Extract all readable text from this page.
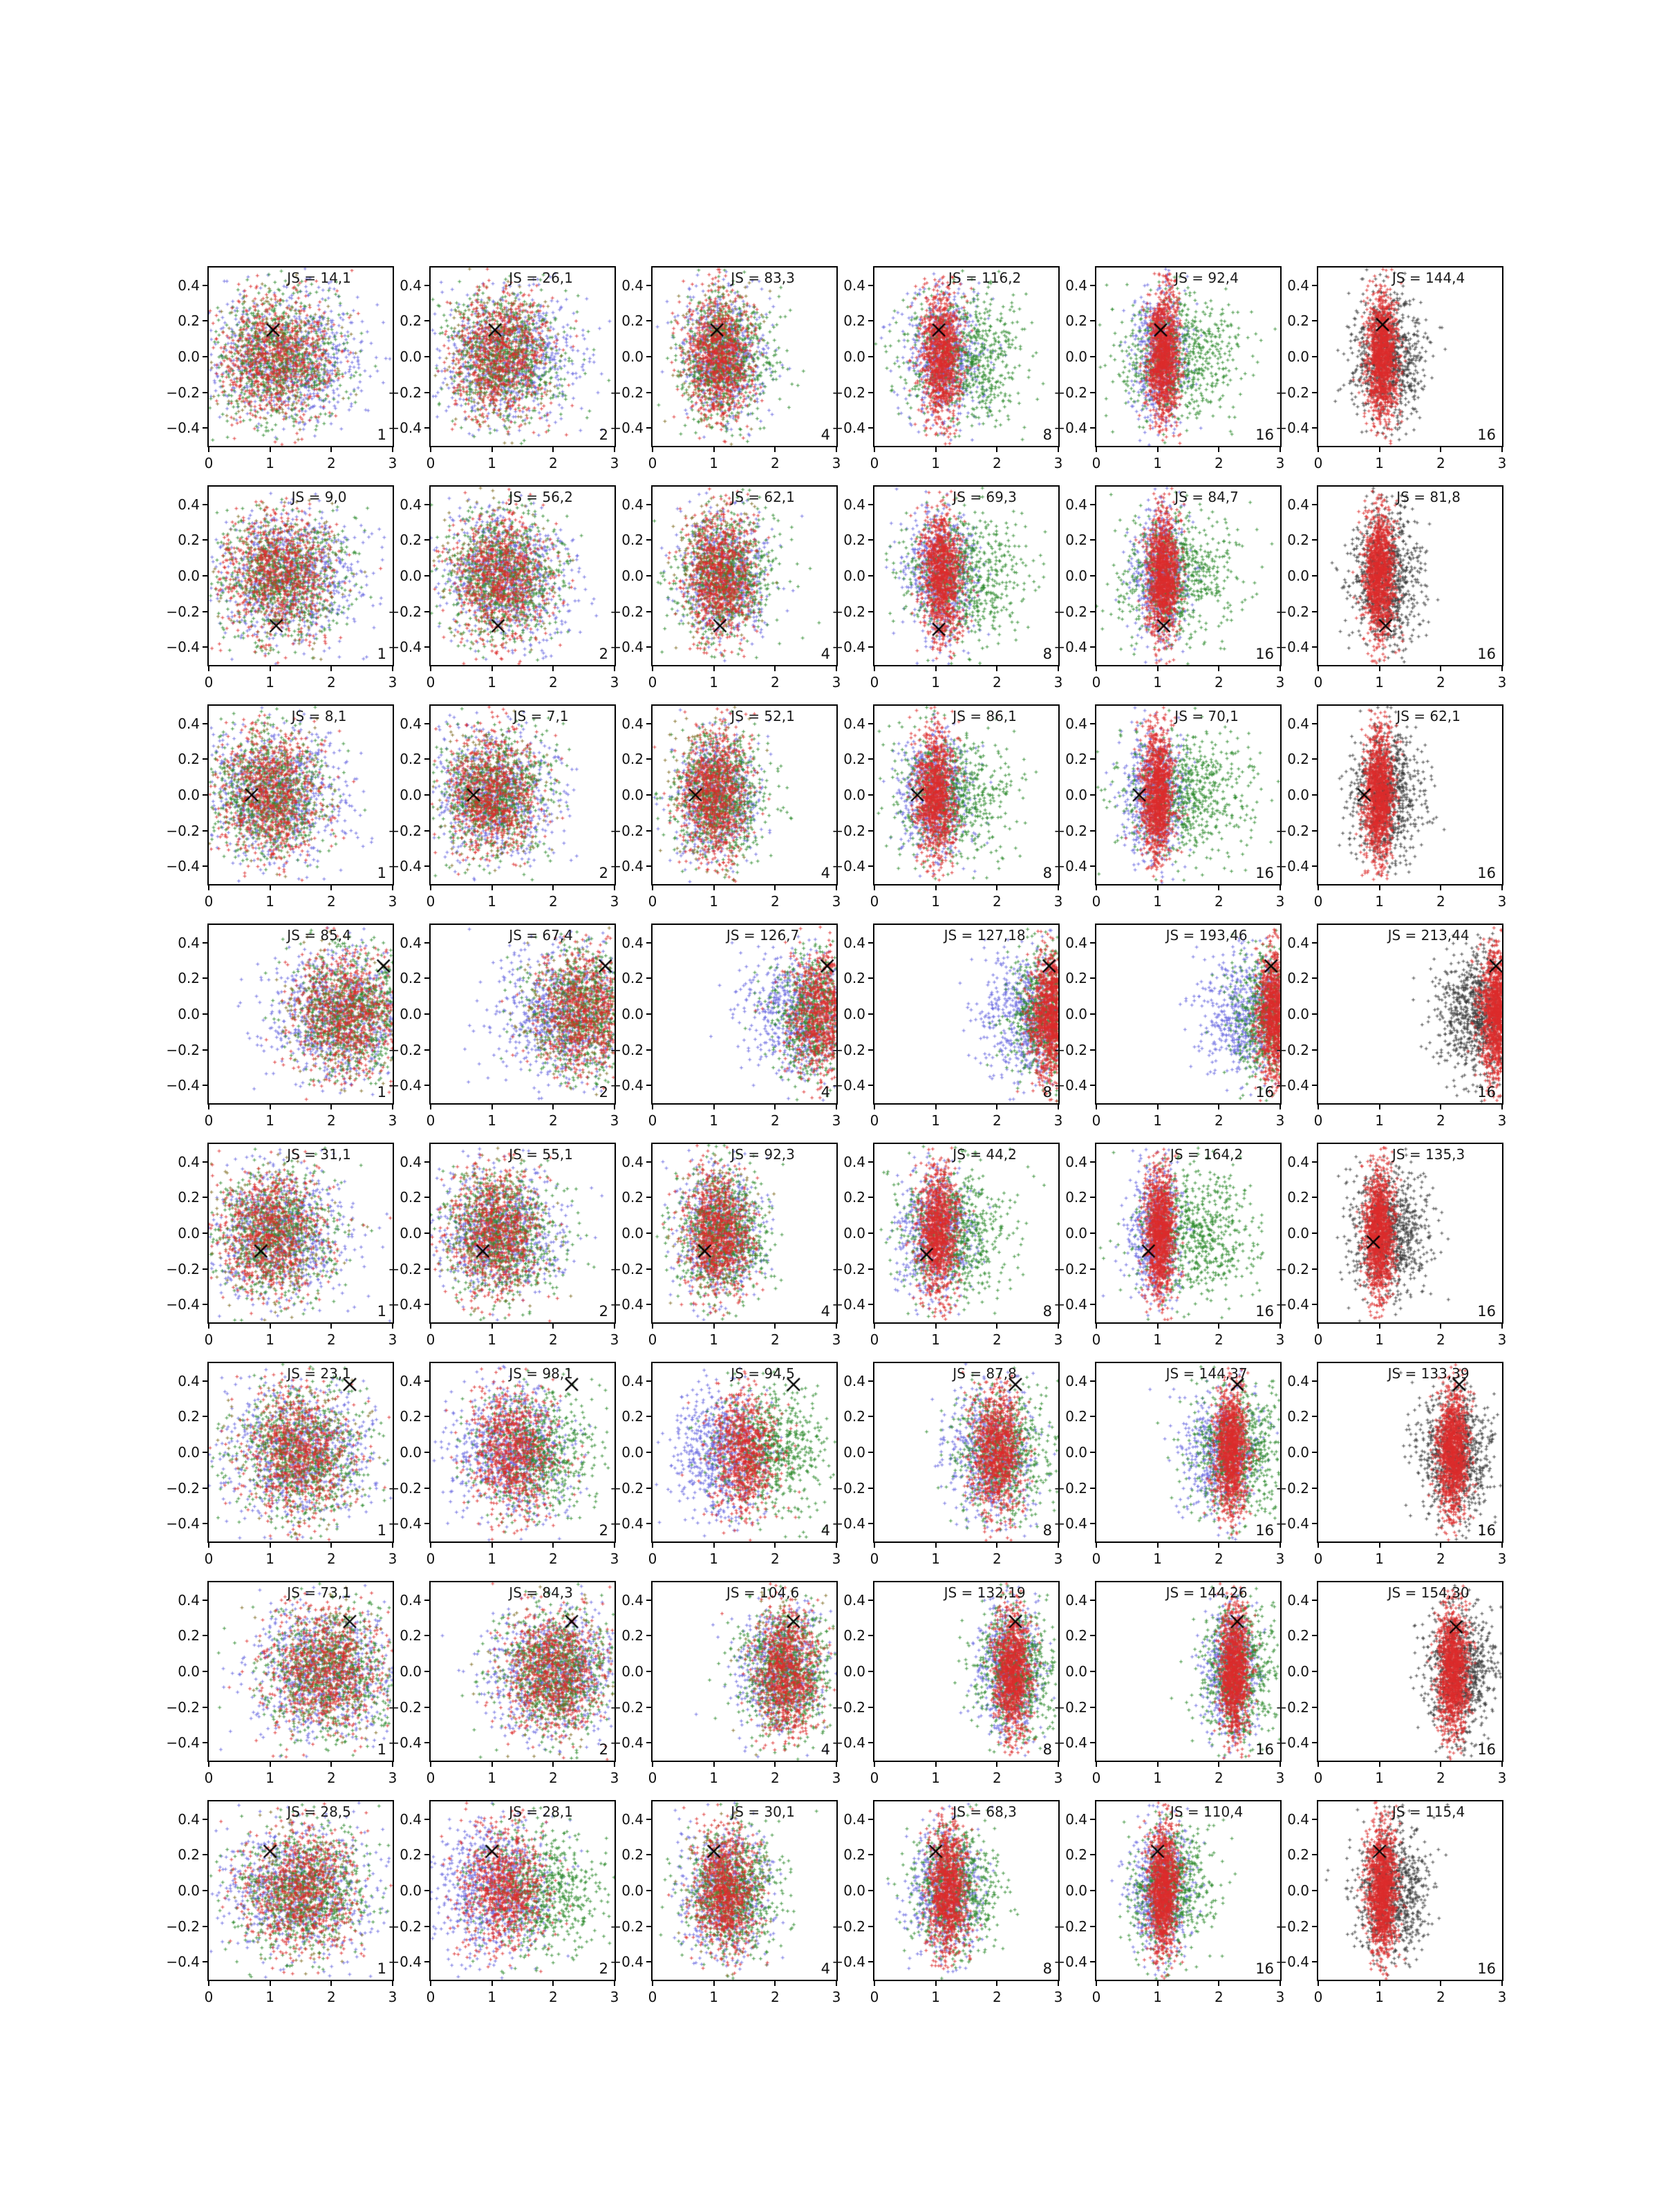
JS = 14,1
1
0	1	2	3
0.4
0.2
0.0
−0.2
−0.4
JS = 26,1
2
0	1	2	3
0.4
0.2
0.0
−0.2
−0.4
JS = 83,3
4
0	1	2	3
0.4
0.2
0.0
−0.2
−0.4
JS = 116,2
8
0	1	2	3
0.4
0.2
0.0
−0.2
−0.4
JS = 92,4
16
0	1	2	3
0.4
0.2
0.0
−0.2
−0.4
JS = 144,4
16
0	1	2	3
0.4
0.2
0.0
−0.2
−0.4
JS = 9,0
1
0	1	2	3
0.4
0.2
0.0
−0.2
−0.4
JS = 56,2
2
0	1	2	3
0.4
0.2
0.0
−0.2
−0.4
JS = 62,1
4
0	1	2	3
0.4
0.2
0.0
−0.2
−0.4
JS = 69,3
8
0	1	2	3
0.4
0.2
0.0
−0.2
−0.4
JS = 84,7
16
0	1	2	3
0.4
0.2
0.0
−0.2
−0.4
JS = 81,8
16
0	1	2	3
0.4
0.2
0.0
−0.2
−0.4
JS = 8,1
1
0	1	2	3
0.4
0.2
0.0
−0.2
−0.4
JS = 7,1
2
0	1	2	3
0.4
0.2
0.0
−0.2
−0.4
JS = 52,1
4
0	1	2	3
0.4
0.2
0.0
−0.2
−0.4
JS = 86,1
8
0	1	2	3
0.4
0.2
0.0
−0.2
−0.4
JS = 70,1
16
0	1	2	3
0.4
0.2
0.0
−0.2
−0.4
JS = 62,1
16
0	1	2	3
0.4
0.2
0.0
−0.2
−0.4
JS = 85,4
1
0	1	2	3
0.4
0.2
0.0
−0.2
−0.4
JS = 67,4
2
0	1	2	3
0.4
0.2
0.0
−0.2
−0.4
JS = 126,7
4
0	1	2	3
0.4
0.2
0.0
−0.2
−0.4
JS = 127,18
8
0	1	2	3
0.4
0.2
0.0
−0.2
−0.4
JS = 193,46
16
0	1	2	3
0.4
0.2
0.0
−0.2
−0.4
JS = 213,44
16
0	1	2	3
0.4
0.2
0.0
−0.2
−0.4
JS = 31,1
1
0	1	2	3
0.4
0.2
0.0
−0.2
−0.4
JS = 55,1
2
0	1	2	3
0.4
0.2
0.0
−0.2
−0.4
JS = 92,3
4
0	1	2	3
0.4
0.2
0.0
−0.2
−0.4
JS = 44,2
8
0	1	2	3
0.4
0.2
0.0
−0.2
−0.4
JS = 164,2
16
0	1	2	3
0.4
0.2
0.0
−0.2
−0.4
JS = 135,3
16
0	1	2	3
0.4
0.2
0.0
−0.2
−0.4
JS = 23,1
1
0	1	2	3
0.4
0.2
0.0
−0.2
−0.4
JS = 98,1
2
0	1	2	3
0.4
0.2
0.0
−0.2
−0.4
JS = 94,5
4
0	1	2	3
0.4
0.2
0.0
−0.2
−0.4
JS = 87,8
8
0	1	2	3
0.4
0.2
0.0
−0.2
−0.4
JS = 144,37
16
0	1	2	3
0.4
0.2
0.0
−0.2
−0.4
JS = 133,39
16
0	1	2	3
0.4
0.2
0.0
−0.2
−0.4
JS = 73,1
1
0	1	2	3
0.4
0.2
0.0
−0.2
−0.4
JS = 84,3
2
0	1	2	3
0.4
0.2
0.0
−0.2
−0.4
JS = 104,6
4
0	1	2	3
0.4
0.2
0.0
−0.2
−0.4
JS = 132,19
8
0	1	2	3
0.4
0.2
0.0
−0.2
−0.4
JS = 144,26
16
0	1	2	3
0.4
0.2
0.0
−0.2
−0.4
JS = 154,30
16
0	1	2	3
0.4
0.2
0.0
−0.2
−0.4
JS = 28,5
1
0	1	2	3
0.4
0.2
0.0
−0.2
−0.4
JS = 28,1
2
0	1	2	3
0.4
0.2
0.0
−0.2
−0.4
JS = 30,1
4
0	1	2	3
0.4
0.2
0.0
−0.2
−0.4
JS = 68,3
8
0	1	2	3
0.4
0.2
0.0
−0.2
−0.4
JS = 110,4
16
0	1	2	3
0.4
0.2
0.0
−0.2
−0.4
JS = 115,4
16
0	1	2	3
0.4
0.2
0.0
−0.2
−0.4
